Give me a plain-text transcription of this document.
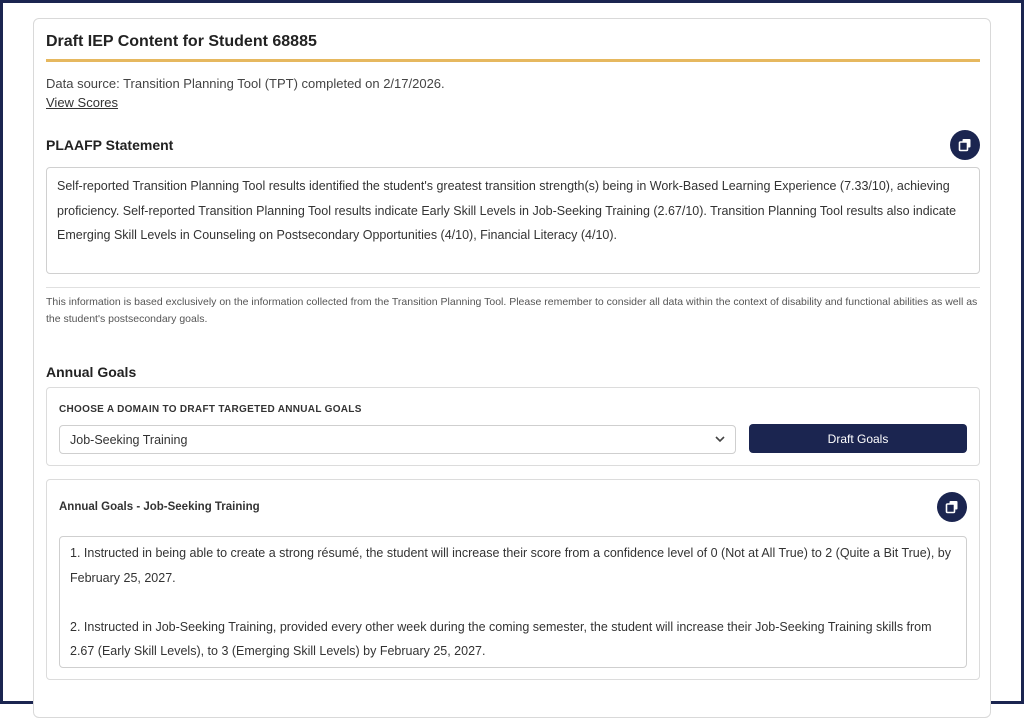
Draft IEP Content for Student 68885
Data source: Transition Planning Tool (TPT) completed on 2/17/2026.
View Scores
PLAAFP Statement
Self-reported Transition Planning Tool results identified the student's greatest transition strength(s) being in Work-Based Learning Experience (7.33/10), achieving proficiency. Self-reported Transition Planning Tool results indicate Early Skill Levels in Job-Seeking Training (2.67/10). Transition Planning Tool results also indicate Emerging Skill Levels in Counseling on Postsecondary Opportunities (4/10), Financial Literacy (4/10).
This information is based exclusively on the information collected from the Transition Planning Tool. Please remember to consider all data within the context of disability and functional abilities as well as the student's postsecondary goals.
Annual Goals
CHOOSE A DOMAIN TO DRAFT TARGETED ANNUAL GOALS
Job-Seeking Training	Draft Goals
Annual Goals - Job-Seeking Training

1. Instructed in being able to create a strong résumé, the student will increase their score from a confidence level of 0 (Not at All True) to 2 (Quite a Bit True), by February 25, 2027.

2. Instructed in Job-Seeking Training, provided every other week during the coming semester, the student will increase their Job-Seeking Training skills from 2.67 (Early Skill Levels), to 3 (Emerging Skill Levels) by February 25, 2027.
